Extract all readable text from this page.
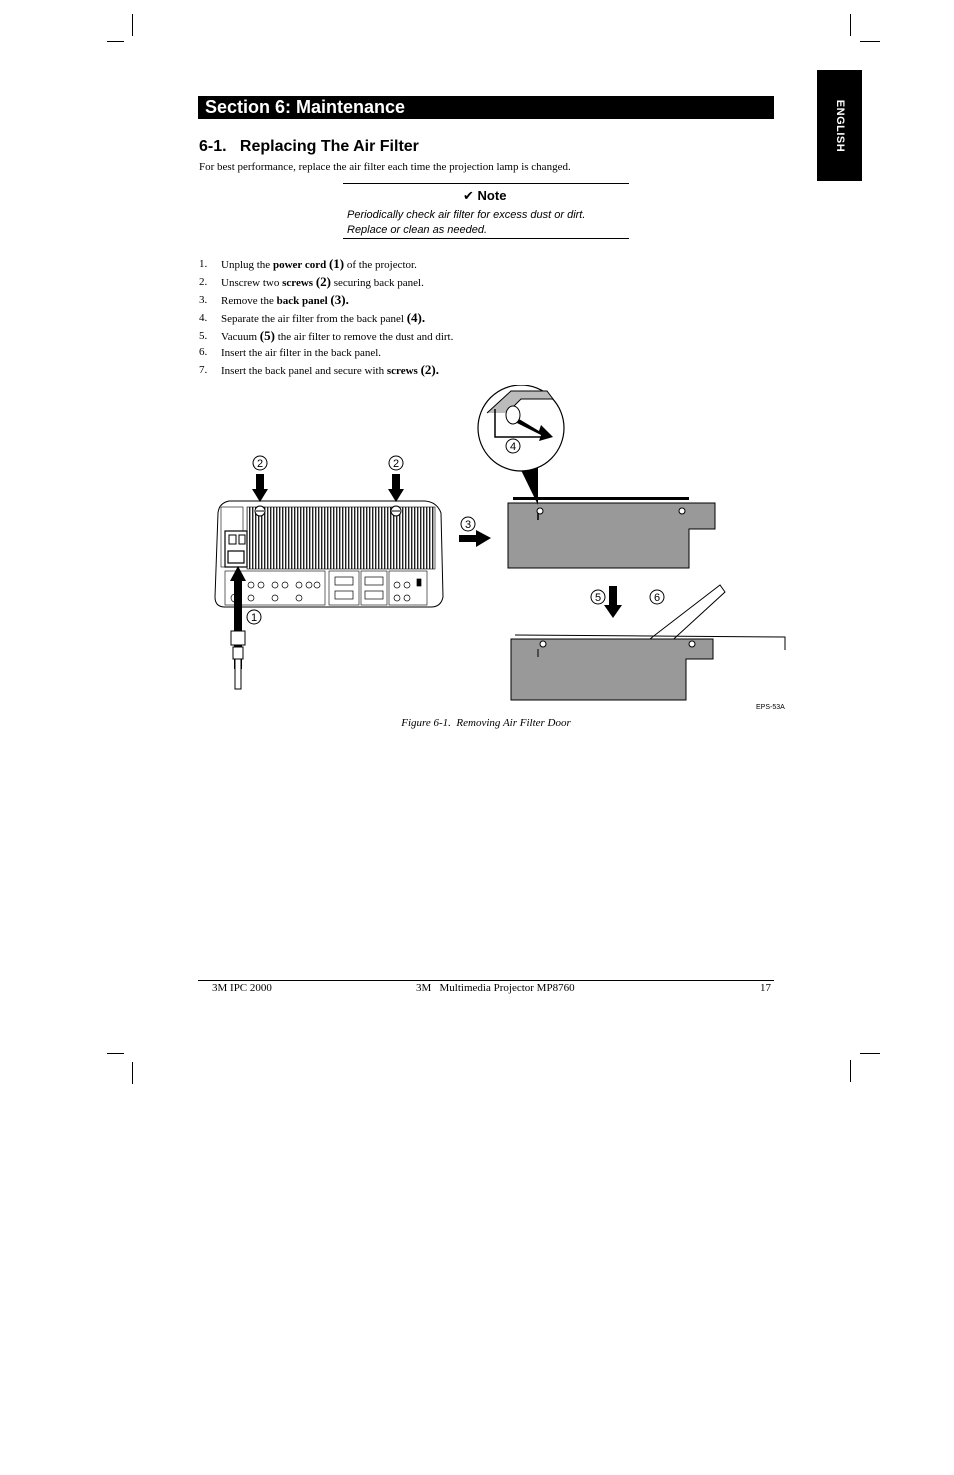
ENGLISH
Section 6: Maintenance
6-1.   Replacing The Air Filter
For best performance, replace the air filter each time the projection lamp is changed.
✔ Note
Periodically check air filter for excess dust or dirt.
Replace or clean as needed.
1. Unplug the power cord (1) of the projector.
2. Unscrew two screws (2) securing back panel.
3. Remove the back panel (3).
4. Separate the air filter from the back panel (4).
5. Vacuum (5) the air filter to remove the dust and dirt.
6. Insert the air filter in the back panel.
7. Insert the back panel and secure with screws (2).
1
2	2
3
4
5	6
EPS-53A
Figure 6-1.  Removing Air Filter Door
3M IPC 2000	3M   Multimedia Projector MP8760	17
